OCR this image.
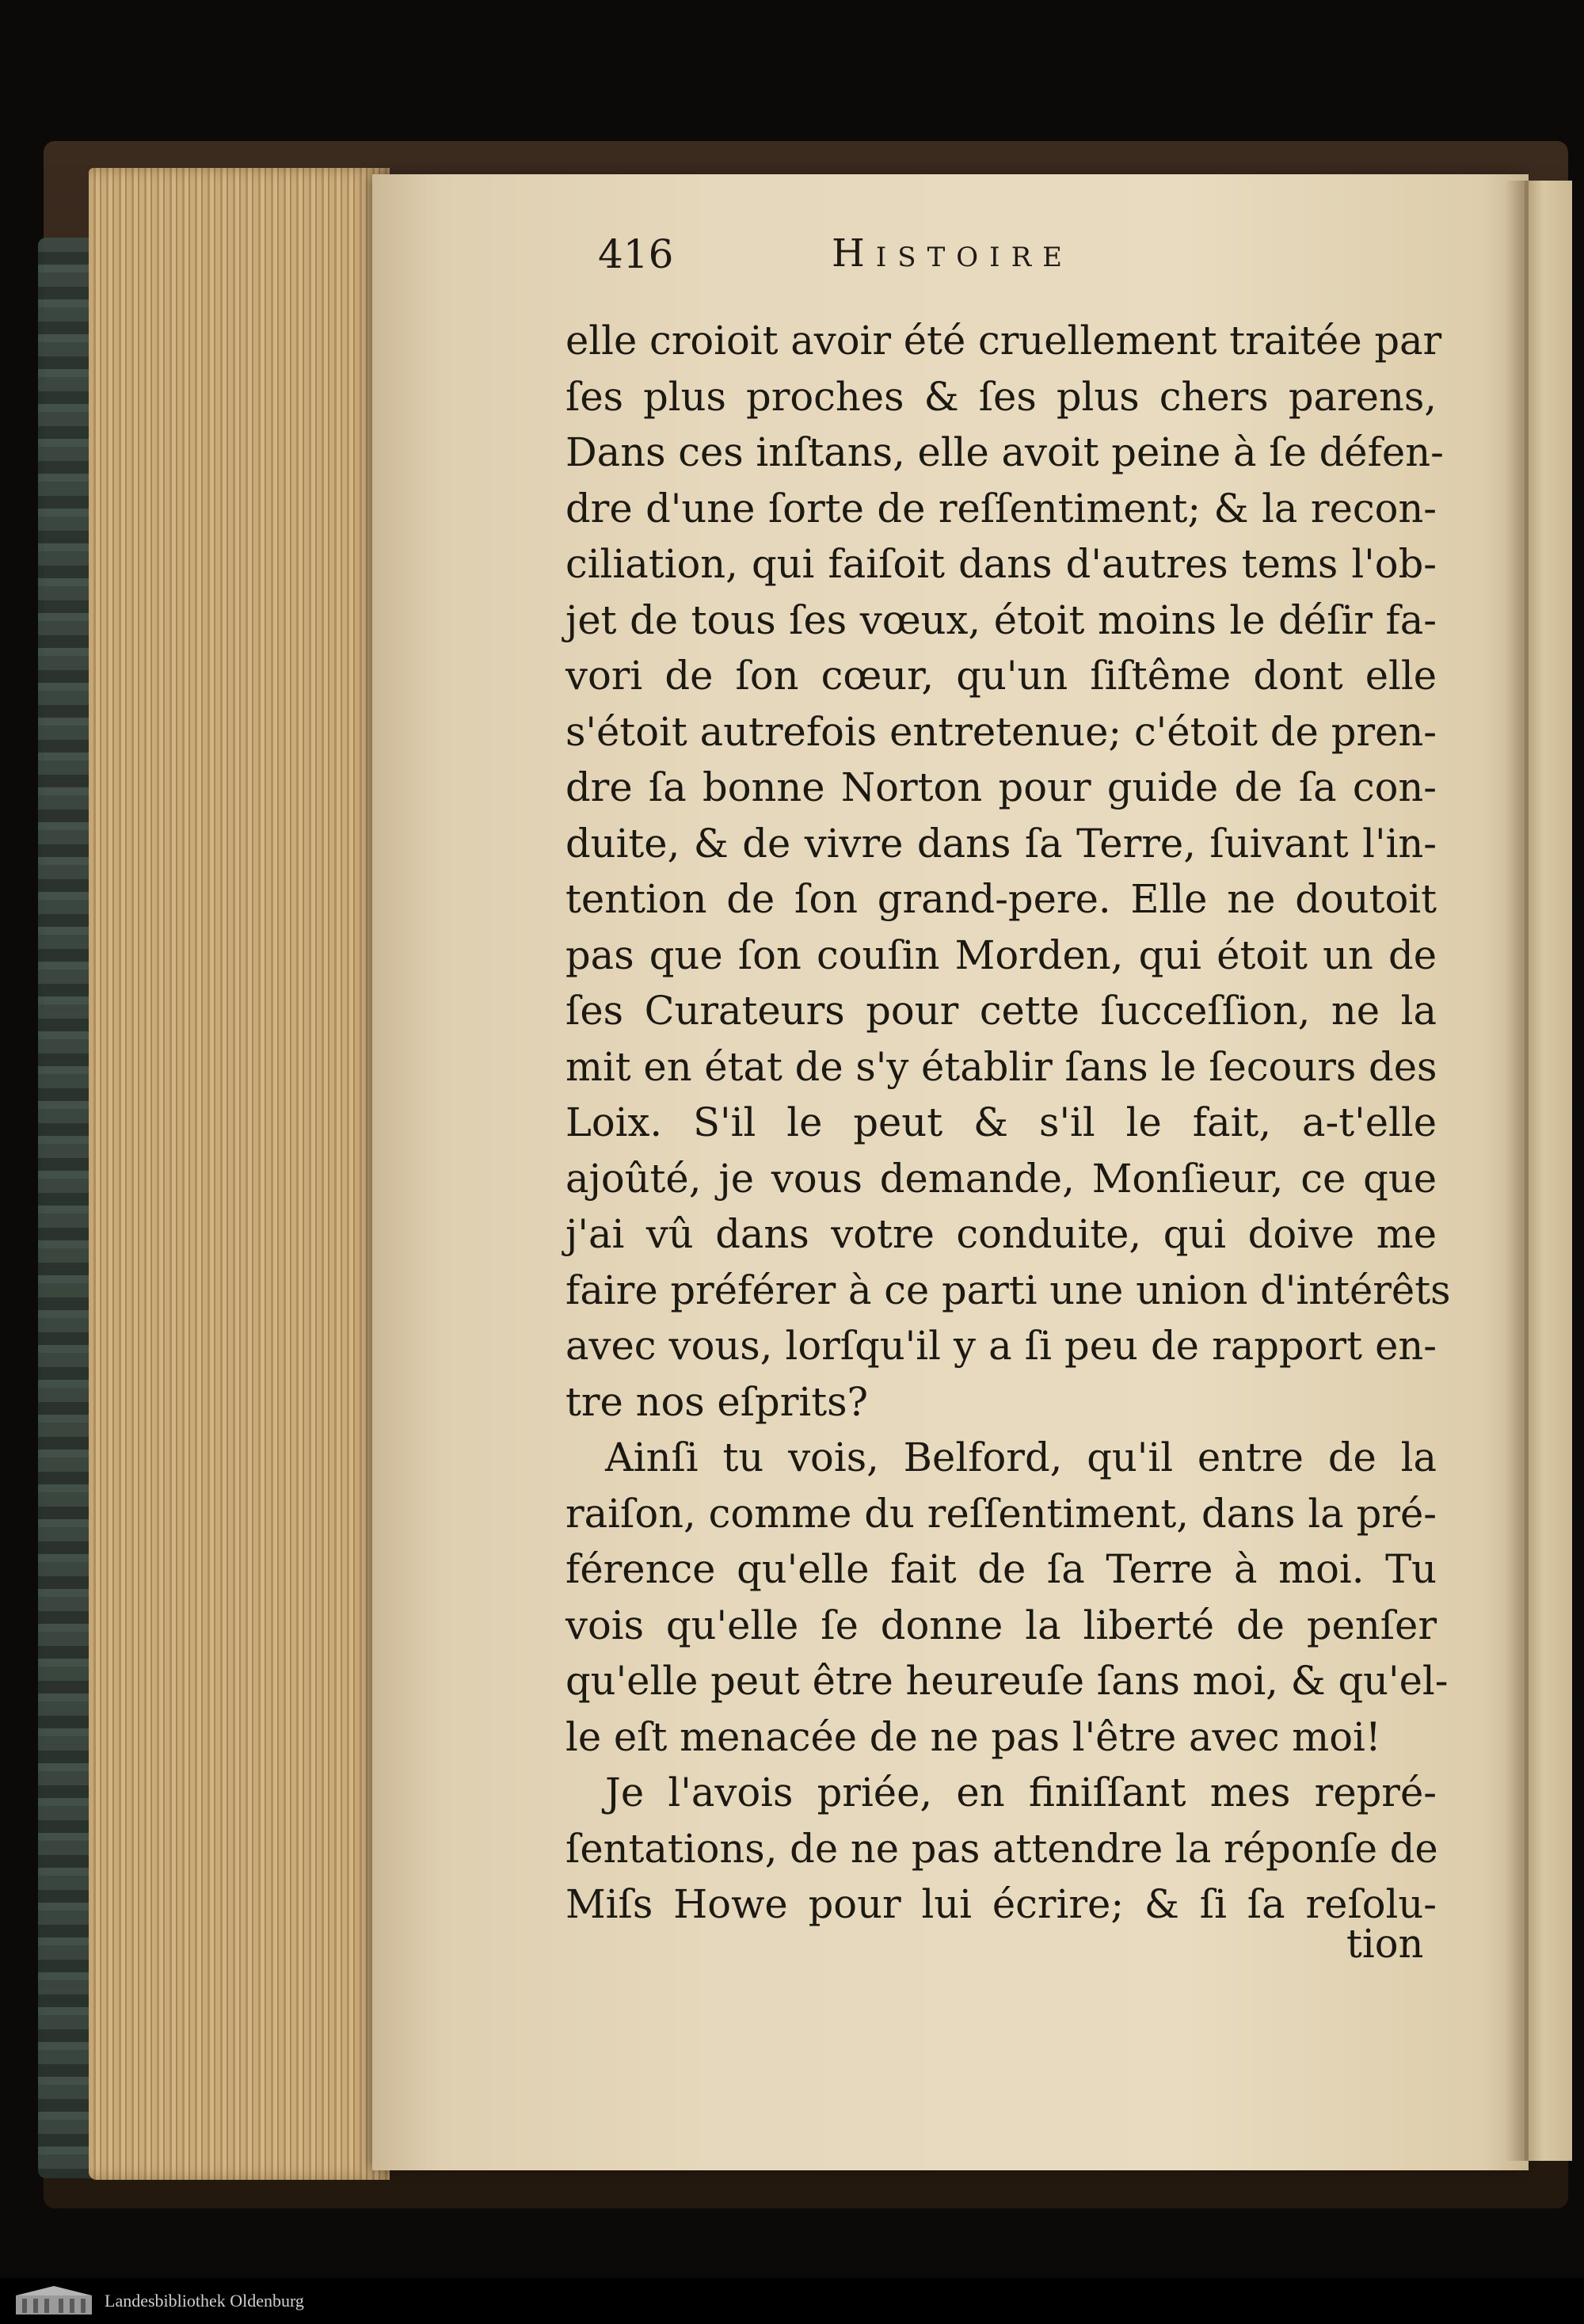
416	Histoire
elle croioit avoir été cruellement traitée par
ſes plus proches & ſes plus chers parens,
Dans ces inſtans, elle avoit peine à ſe défen-
dre d'une ſorte de reſſentiment; & la recon-
ciliation, qui faiſoit dans d'autres tems l'ob-
jet de tous ſes vœux, étoit moins le déſir fa-
vori de ſon cœur, qu'un ſiſtême dont elle
s'étoit autrefois entretenue; c'étoit de pren-
dre ſa bonne Norton pour guide de ſa con-
duite, & de vivre dans ſa Terre, ſuivant l'in-
tention de ſon grand-pere. Elle ne doutoit
pas que ſon couſin Morden, qui étoit un de
ſes Curateurs pour cette ſucceſſion, ne la
mit en état de s'y établir ſans le ſecours des
Loix. S'il le peut & s'il le fait, a-t'elle
ajoûté, je vous demande, Monſieur, ce que
j'ai vû dans votre conduite, qui doive me
faire préférer à ce parti une union d'intérêts
avec vous, lorſqu'il y a ſi peu de rapport en-
tre nos eſprits?
Ainſi tu vois, Belford, qu'il entre de la
raiſon, comme du reſſentiment, dans la pré-
férence qu'elle fait de ſa Terre à moi. Tu
vois qu'elle ſe donne la liberté de penſer
qu'elle peut être heureuſe ſans moi, & qu'el-
le eſt menacée de ne pas l'être avec moi!
Je l'avois priée, en finiſſant mes repré-
ſentations, de ne pas attendre la réponſe de
Miſs Howe pour lui écrire; & ſi ſa reſolu-
tion
Landesbibliothek Oldenburg
